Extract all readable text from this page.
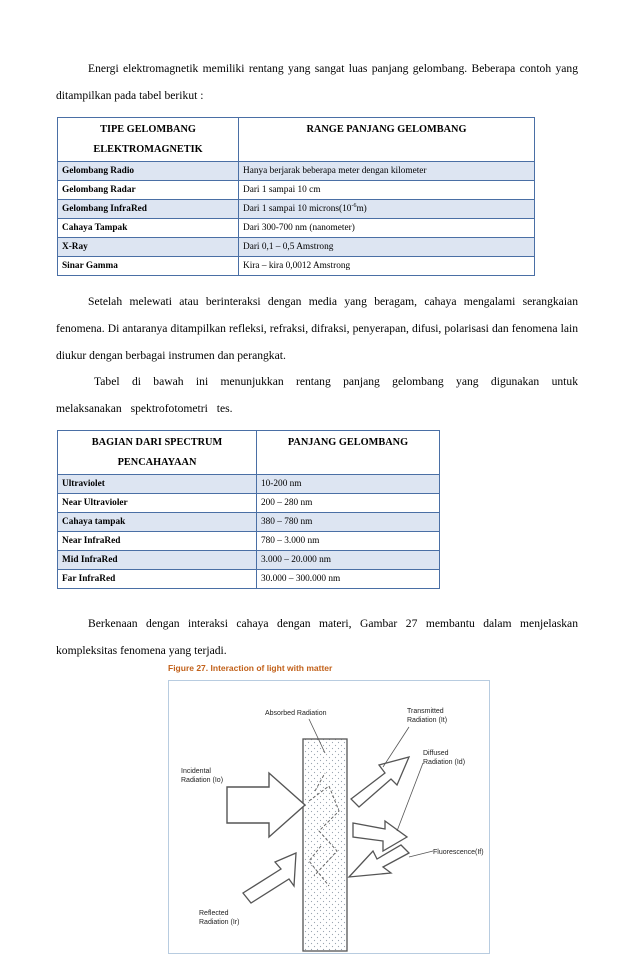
Energi elektromagnetik memiliki rentang yang sangat luas panjang gelombang. Beberapa contoh yang ditampilkan pada tabel berikut :

TIPE GELOMBANG ELEKTROMAGNETIK	RANGE PANJANG GELOMBANG
Gelombang Radio	Hanya berjarak beberapa meter dengan kilometer
Gelombang Radar	Dari 1 sampai 10 cm
Gelombang InfraRed	Dari 1 sampai 10 $microns(10^{-6}m)$
Cahaya Tampak	Dari 300-700 nm (nanometer)
X-Ray	Dari 0,1 – 0,5 Amstrong
Sinar Gamma	Kira – kira 0,0012 Amstrong

Setelah melewati atau berinteraksi dengan media yang beragam, cahaya mengalami serangkaian fenomena. Di antaranya ditampilkan refleksi, refraksi, difraksi, penyerapan, difusi, polarisasi dan fenomena lain diukur dengan berbagai instrumen dan perangkat.

Tabel di bawah ini menunjukkan rentang panjang gelombang yang digunakan untuk melaksanakan spektrofotometri tes.

BAGIAN DARI SPECTRUM PENCAHAYAAN	PANJANG GELOMBANG
Ultraviolet	10-200 nm
Near Ultravioler	200 – 280 nm
Cahaya tampak	380 – 780 nm
Near InfraRed	780 – 3.000 nm
Mid InfraRed	3.000 – 20.000 nm
Far InfraRed	30.000 – 300.000 nm

Berkenaan dengan interaksi cahaya dengan materi, Gambar 27 membantu dalam menjelaskan kompleksitas fenomena yang terjadi.

Figure 27. Interaction of light with matter
Absorbed Radiation	Transmitted
Radiation (It)
Incidental
Radiation (Io)
Diffused
Radiation (Id)
Fluorescence(If)
Reflected
Radiation (Ir)
